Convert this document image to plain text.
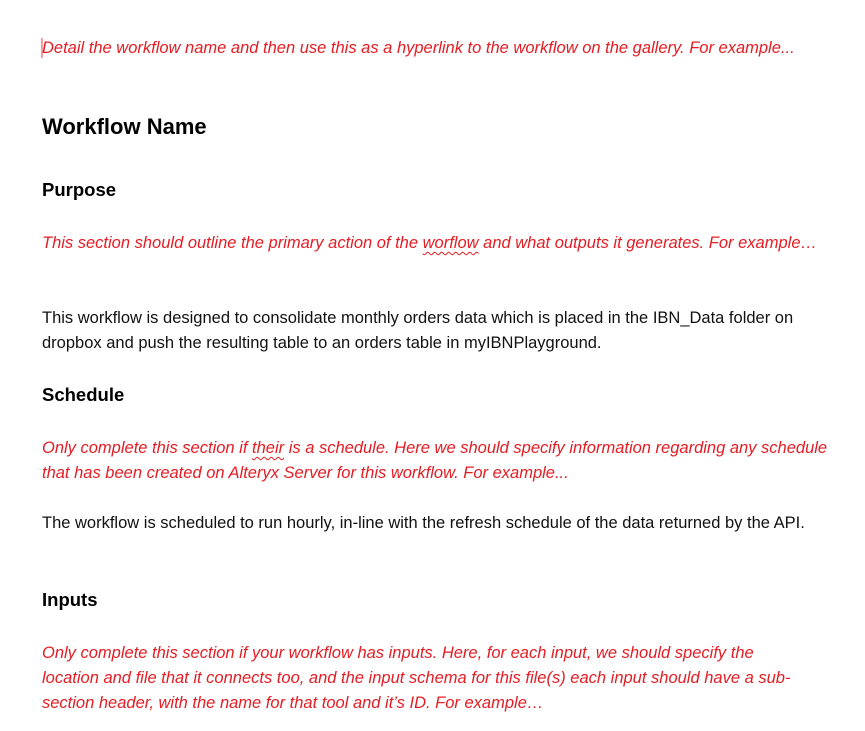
Detail the workflow name and then use this as a hyperlink to the workflow on the gallery. For example...

Workflow Name
Purpose

This section should outline the primary action of the worflow and what outputs it generates. For example…

This workflow is designed to consolidate monthly orders data which is placed in the IBN_Data folder on dropbox and push the resulting table to an orders table in myIBNPlayground.

Schedule

Only complete this section if their is a schedule. Here we should specify information regarding any schedule that has been created on Alteryx Server for this workflow. For example...

The workflow is scheduled to run hourly, in-line with the refresh schedule of the data returned by the API.

Inputs

Only complete this section if your workflow has inputs. Here, for each input, we should specify the location and file that it connects too, and the input schema for this file(s) each input should have a sub-section header, with the name for that tool and it’s ID. For example…
